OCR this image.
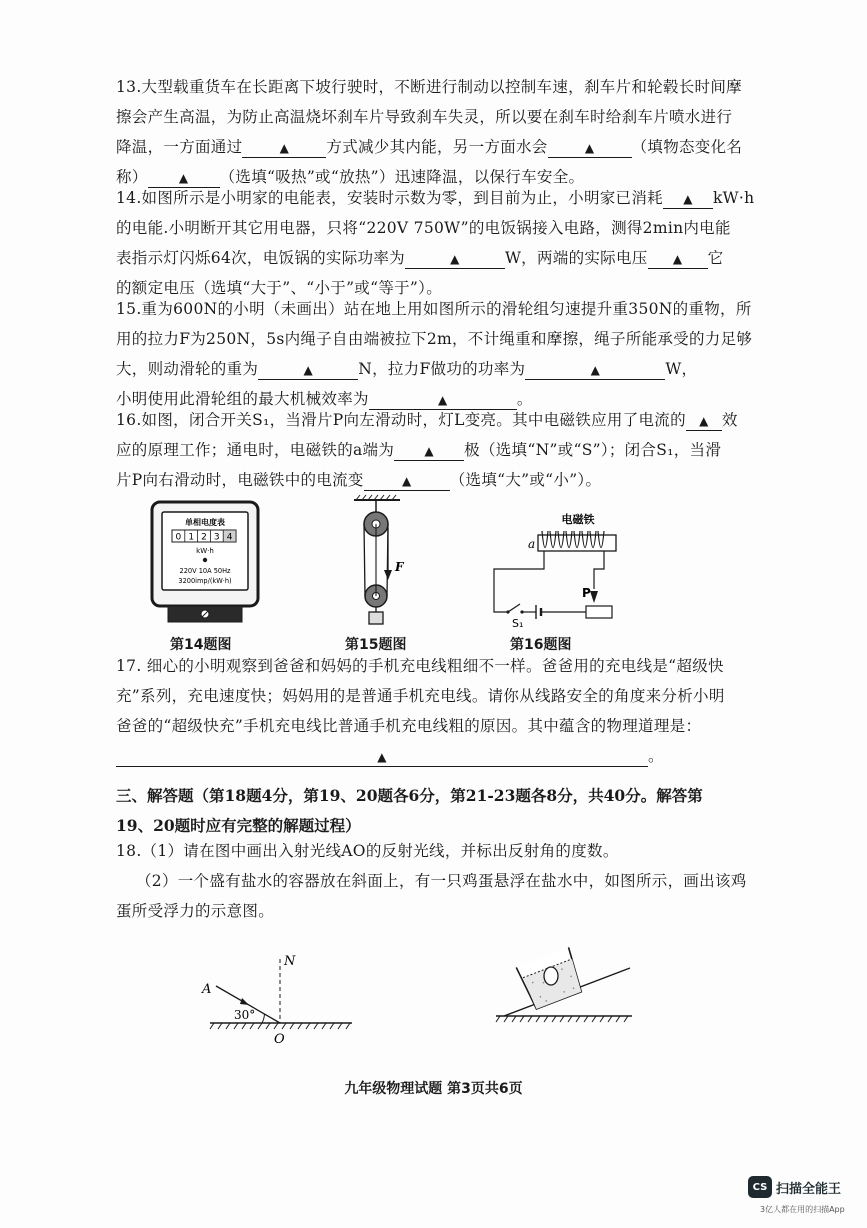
13.大型载重货车在长距离下坡行驶时，不断进行制动以控制车速，刹车片和轮毂长时间摩
擦会产生高温，为防止高温烧坏刹车片导致刹车失灵，所以要在刹车时给刹车片喷水进行
降温，一方面通过	▲ 方式减少其内能，另一方面水会	▲ （填物态变化名
称）	▲ （选填“吸热”或“放热”）迅速降温，以保行车安全。
14.如图所示是小明家的电能表，安装时示数为零，到目前为止，小明家已消耗 ▲ kW·h
的电能.小明断开其它用电器，只将“220V 750W”的电饭锅接入电路，测得2min内电能
表指示灯闪烁64次，电饭锅的实际功率为	▲	W，两端的实际电压 ▲ 它
的额定电压（选填“大于”、“小于”或“等于”）。
15.重为600N的小明（未画出）站在地上用如图所示的滑轮组匀速提升重350N的重物，所
用的拉力F为250N，5s内绳子自由端被拉下2m，不计绳重和摩擦，绳子所能承受的力足够
大，则动滑轮的重为	▲	N，拉力F做功的功率为	▲	W，
小明使用此滑轮组的最大机械效率为	▲	。
16.如图，闭合开关S₁，当滑片P向左滑动时，灯L变亮。其中电磁铁应用了电流的 ▲ 效
应的原理工作；通电时，电磁铁的a端为	▲ 极（选填“N”或“S”）；闭合S₁，当滑
片P向右滑动时，电磁铁中的电流变	▲ （选填“大”或“小”）。
单相电度表
0 1 2 3 4
kW·h
220V 10A 50Hz
3200imp/(kW·h)
第14题图
F
第15题图
电磁铁
a
P
S₁
第16题图
17. 细心的小明观察到爸爸和妈妈的手机充电线粗细不一样。爸爸用的充电线是“超级快
充”系列，充电速度快；妈妈用的是普通手机充电线。请你从线路安全的角度来分析小明
爸爸的“超级快充”手机充电线比普通手机充电线粗的原因。其中蕴含的物理道理是：
▲	。
三、解答题（第18题4分，第19、20题各6分，第21-23题各8分，共40分。解答第
19、20题时应有完整的解题过程）
18.（1）请在图中画出入射光线AO的反射光线，并标出反射角的度数。
（2）一个盛有盐水的容器放在斜面上，有一只鸡蛋悬浮在盐水中，如图所示，画出该鸡
蛋所受浮力的示意图。
A
N
O
30°
九年级物理试题 第3页共6页
CS 扫描全能王
3亿人都在用的扫描App
